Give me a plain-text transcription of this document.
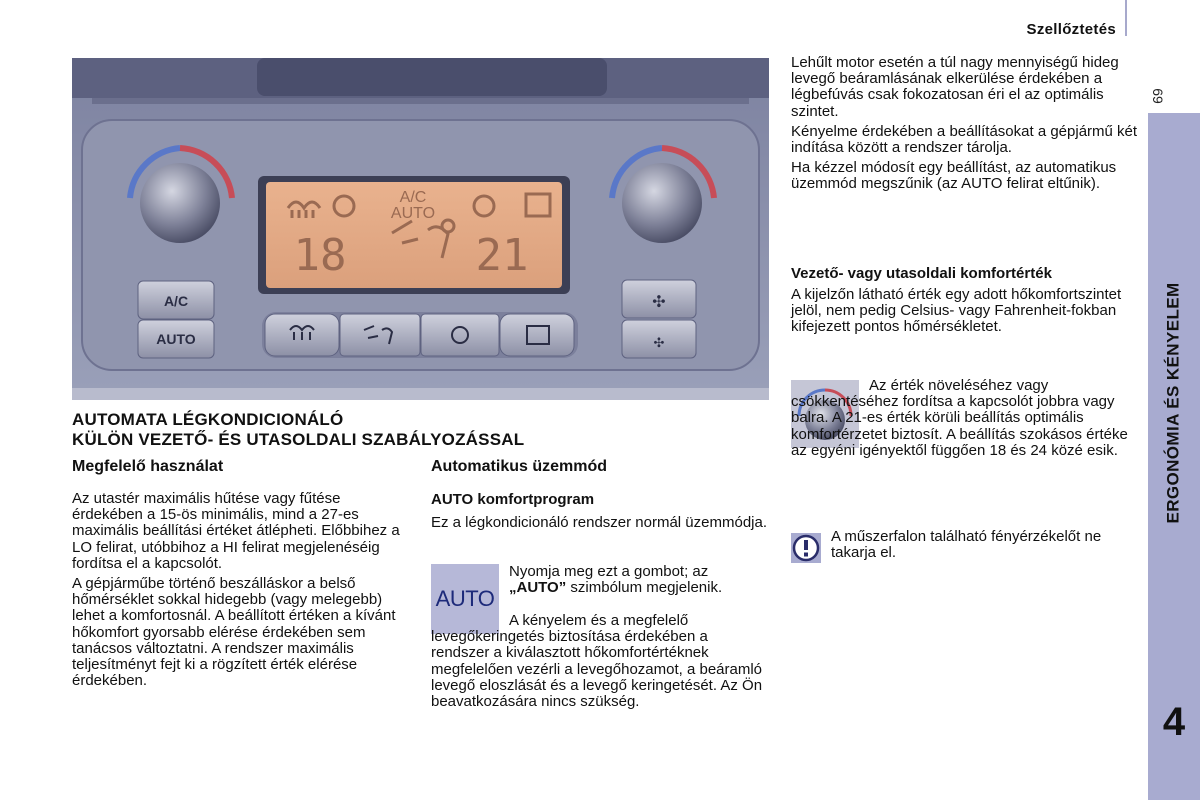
Szellőztetés
69
ERGONÓMIA ÉS KÉNYELEM
4
A/C
AUTO
18	21
A/C
AUTO
✣
✣
AUTOMATA LÉGKONDICIONÁLÓ
KÜLÖN VEZETŐ- ÉS UTASOLDALI SZABÁLYOZÁSSAL
Megfelelő használat

Az utastér maximális hűtése vagy fűtése érdekében a 15-ös minimális, mind a 27-es maximális beállítási értéket átlépheti. Előbbihez a LO felirat, utóbbihoz a HI felirat megjelenéséig fordítsa el a kapcsolót.

A gépjárműbe történő beszálláskor a belső hőmérséklet sokkal hidegebb (vagy melegebb) lehet a komfortosnál. A beállított értéken a kívánt hőkomfort gyorsabb elérése érdekében sem tanácsos változtatni. A rendszer maximális teljesítményt fejt ki a rögzített érték elérése érdekében.

Automatikus üzemmód
AUTO komfortprogram
Ez a légkondicionáló rendszer normál üzemmódja.
AUTO
Nyomja meg ezt a gombot; az „AUTO” szimbólum megjelenik.
A kényelem és a megfelelő levegőkeringetés biztosítása érdekében a rendszer a kiválasztott hőkomfortértéknek megfelelően vezérli a levegőhozamot, a beáramló levegő eloszlását és a levegő keringetését. Az Ön beavatkozására nincs szükség.

Lehűlt motor esetén a túl nagy mennyiségű hideg levegő beáramlásának elkerülése érdekében a légbefúvás csak fokozatosan éri el az optimális szintet.

Kényelme érdekében a beállításokat a gépjármű két indítása között a rendszer tárolja.

Ha kézzel módosít egy beállítást, az automatikus üzemmód megszűnik (az AUTO felirat eltűnik).

Vezető- vagy utasoldali komfortérték
A kijelzőn látható érték egy adott hőkomfortszintet jelöl, nem pedig Celsius- vagy Fahrenheit-fokban kifejezett pontos hőmérsékletet.
Az érték növeléséhez vagy csökkentéséhez fordítsa a kapcsolót jobbra vagy balra. A 21-es érték körüli beállítás optimális komfortérzetet biztosít. A beállítás szokásos értéke az egyéni igényektől függően 18 és 24 közé esik.
A műszerfalon található fényérzékelőt ne takarja el.
